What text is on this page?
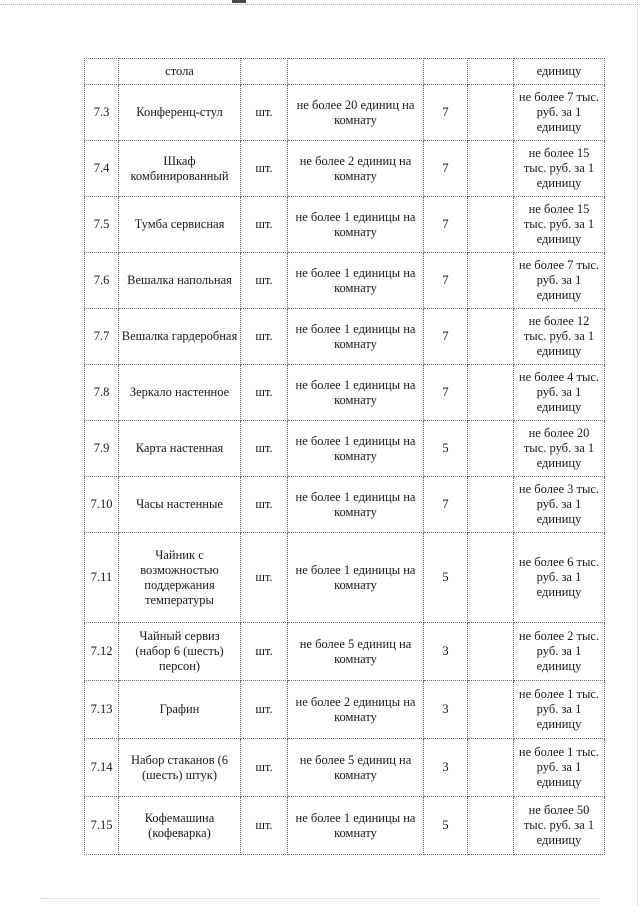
	стола					единицу
7.3	Конференц-стул	шт.	не более 20 единиц на комнату	7		не более 7 тыс. руб. за 1 единицу
7.4	Шкаф комбинированный	шт.	не более 2 единиц на комнату	7		не более 15 тыс. руб. за 1 единицу
7.5	Тумба сервисная	шт.	не более 1 единицы на комнату	7		не более 15 тыс. руб. за 1 единицу
7.6	Вешалка напольная	шт.	не более 1 единицы на комнату	7		не более 7 тыс. руб. за 1 единицу
7.7	Вешалка гардеробная	шт.	не более 1 единицы на комнату	7		не более 12 тыс. руб. за 1 единицу
7.8	Зеркало настенное	шт.	не более 1 единицы на комнату	7		не более 4 тыс. руб. за 1 единицу
7.9	Карта настенная	шт.	не более 1 единицы на комнату	5		не более 20 тыс. руб. за 1 единицу
7.10	Часы настенные	шт.	не более 1 единицы на комнату	7		не более 3 тыс. руб. за 1 единицу
7.11	Чайник с возможностью поддержания температуры	шт.	не более 1 единицы на комнату	5		не более 6 тыс. руб. за 1 единицу
7.12	Чайный сервиз (набор 6 (шесть) персон)	шт.	не более 5 единиц на комнату	3		не более 2 тыс. руб. за 1 единицу
7.13	Графин	шт.	не более 2 единицы на комнату	3		не более 1 тыс. руб. за 1 единицу
7.14	Набор стаканов (6 (шесть) штук)	шт.	не более 5 единиц на комнату	3		не более 1 тыс. руб. за 1 единицу
7.15	Кофемашина (кофеварка)	шт.	не более 1 единицы на комнату	5		не более 50 тыс. руб. за 1 единицу
